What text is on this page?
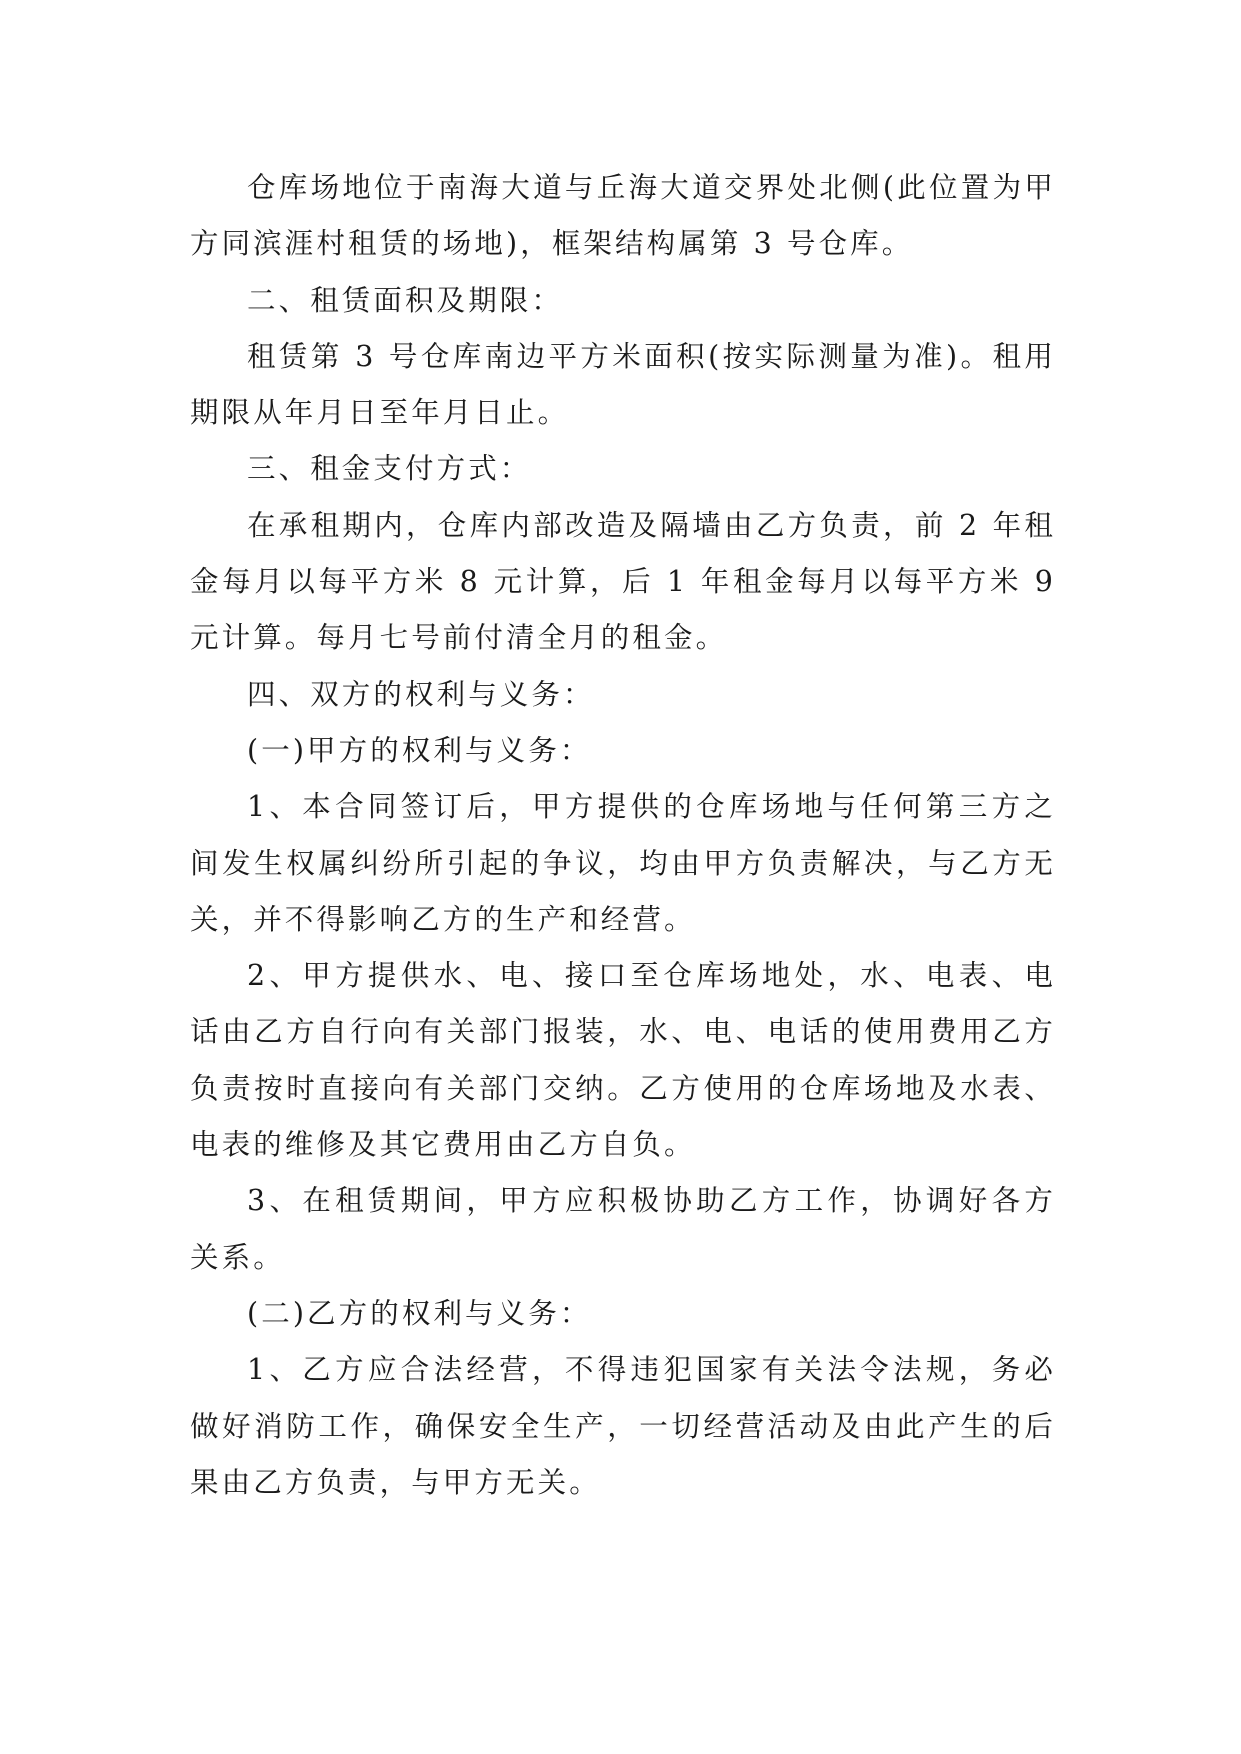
仓库场地位于南海大道与丘海大道交界处北侧(此位置为甲方同滨涯村租赁的场地)，框架结构属第 3 号仓库。

二、租赁面积及期限：

租赁第 3 号仓库南边平方米面积(按实际测量为准)。租用期限从年月日至年月日止。

三、租金支付方式：

在承租期内，仓库内部改造及隔墙由乙方负责，前 2 年租金每月以每平方米 8 元计算，后 1 年租金每月以每平方米 9 元计算。每月七号前付清全月的租金。

四、双方的权利与义务：

(一)甲方的权利与义务：

1、本合同签订后，甲方提供的仓库场地与任何第三方之间发生权属纠纷所引起的争议，均由甲方负责解决，与乙方无关，并不得影响乙方的生产和经营。

2、甲方提供水、电、接口至仓库场地处，水、电表、电话由乙方自行向有关部门报装，水、电、电话的使用费用乙方负责按时直接向有关部门交纳。乙方使用的仓库场地及水表、电表的维修及其它费用由乙方自负。

3、在租赁期间，甲方应积极协助乙方工作，协调好各方关系。

(二)乙方的权利与义务：

1、乙方应合法经营，不得违犯国家有关法令法规，务必做好消防工作，确保安全生产，一切经营活动及由此产生的后果由乙方负责，与甲方无关。
